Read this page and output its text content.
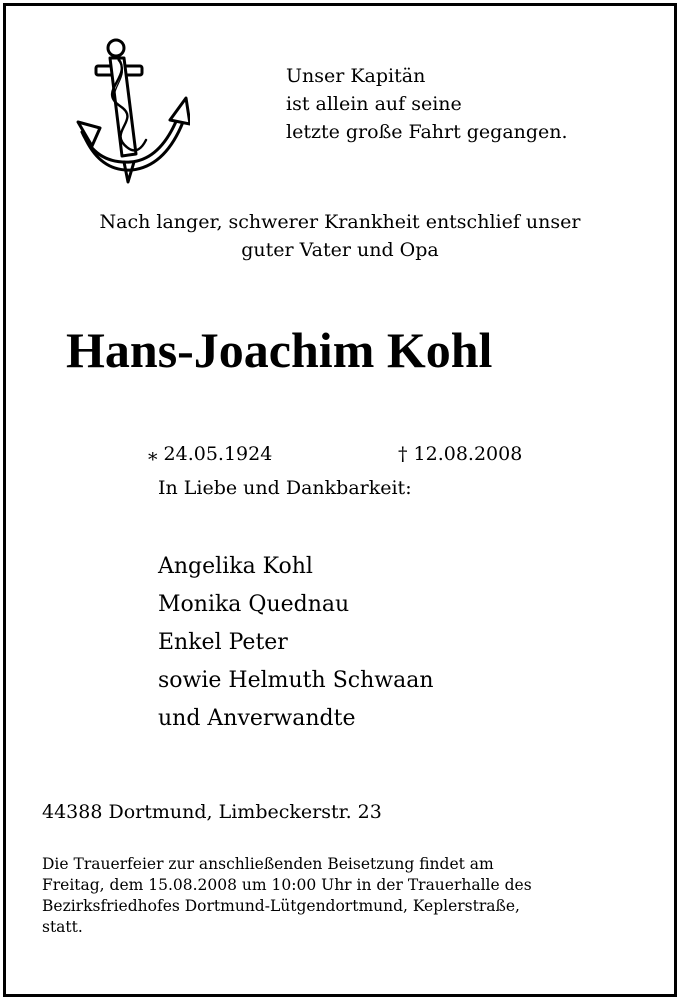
Unser Kapitän
ist allein auf seine
letzte große Fahrt gegangen.
Nach langer, schwerer Krankheit entschlief unser
guter Vater und Opa
Hans-Joachim Kohl
⁎ 24.05.1924	† 12.08.2008
In Liebe und Dankbarkeit:
Angelika Kohl
Monika Quednau
Enkel Peter
sowie Helmuth Schwaan
und Anverwandte
44388 Dortmund, Limbeckerstr. 23
Die Trauerfeier zur anschließenden Beisetzung findet am
Freitag, dem 15.08.2008 um 10:00 Uhr in der Trauerhalle des
Bezirksfriedhofes Dortmund-Lütgendortmund, Keplerstraße,
statt.
